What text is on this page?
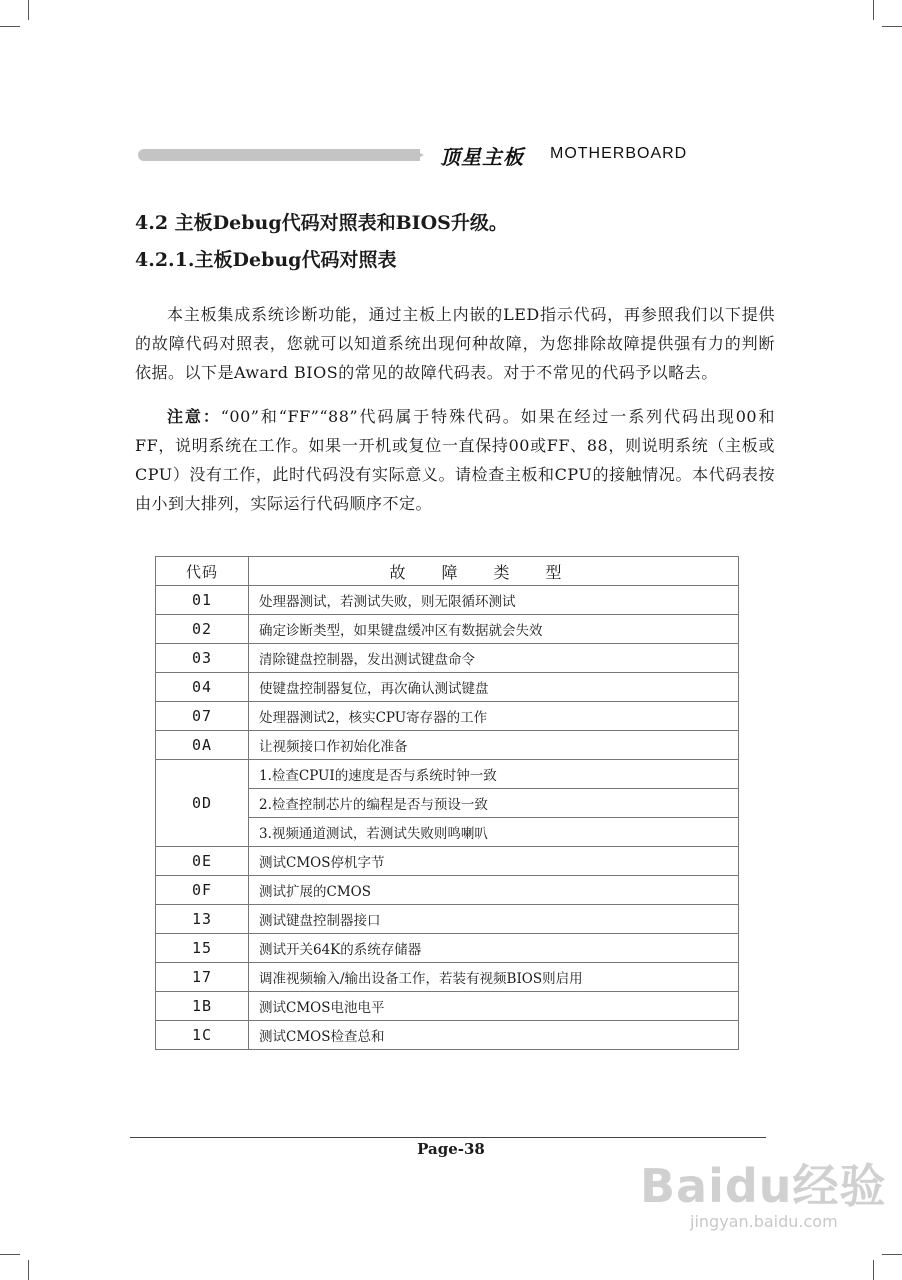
顶星主板 MOTHERBOARD
4.2 主板Debug代码对照表和BIOS升级。
4.2.1.主板Debug代码对照表
本主板集成系统诊断功能，通过主板上内嵌的LED指示代码，再参照我们以下提供的故障代码对照表，您就可以知道系统出现何种故障，为您排除故障提供强有力的判断依据。以下是Award BIOS的常见的故障代码表。对于不常见的代码予以略去。
注意：“00”和“FF”“88”代码属于特殊代码。如果在经过一系列代码出现00和FF，说明系统在工作。如果一开机或复位一直保持00或FF、88，则说明系统（主板或CPU）没有工作，此时代码没有实际意义。请检查主板和CPU的接触情况。本代码表按由小到大排列，实际运行代码顺序不定。
代码	故障类型
01	处理器测试，若测试失败，则无限循环测试
02	确定诊断类型，如果键盘缓冲区有数据就会失效
03	清除键盘控制器，发出测试键盘命令
04	使键盘控制器复位，再次确认测试键盘
07	处理器测试2，核实CPU寄存器的工作
0A	让视频接口作初始化准备
0D	1.检查CPUI的速度是否与系统时钟一致
	2.检查控制芯片的编程是否与预设一致
	3.视频通道测试，若测试失败则鸣喇叭
0E	测试CMOS停机字节
0F	测试扩展的CMOS
13	测试键盘控制器接口
15	测试开关64K的系统存储器
17	调准视频输入/输出设备工作，若装有视频BIOS则启用
1B	测试CMOS电池电平
1C	测试CMOS检查总和
Page-38
Baidu经验
jingyan.baidu.com
